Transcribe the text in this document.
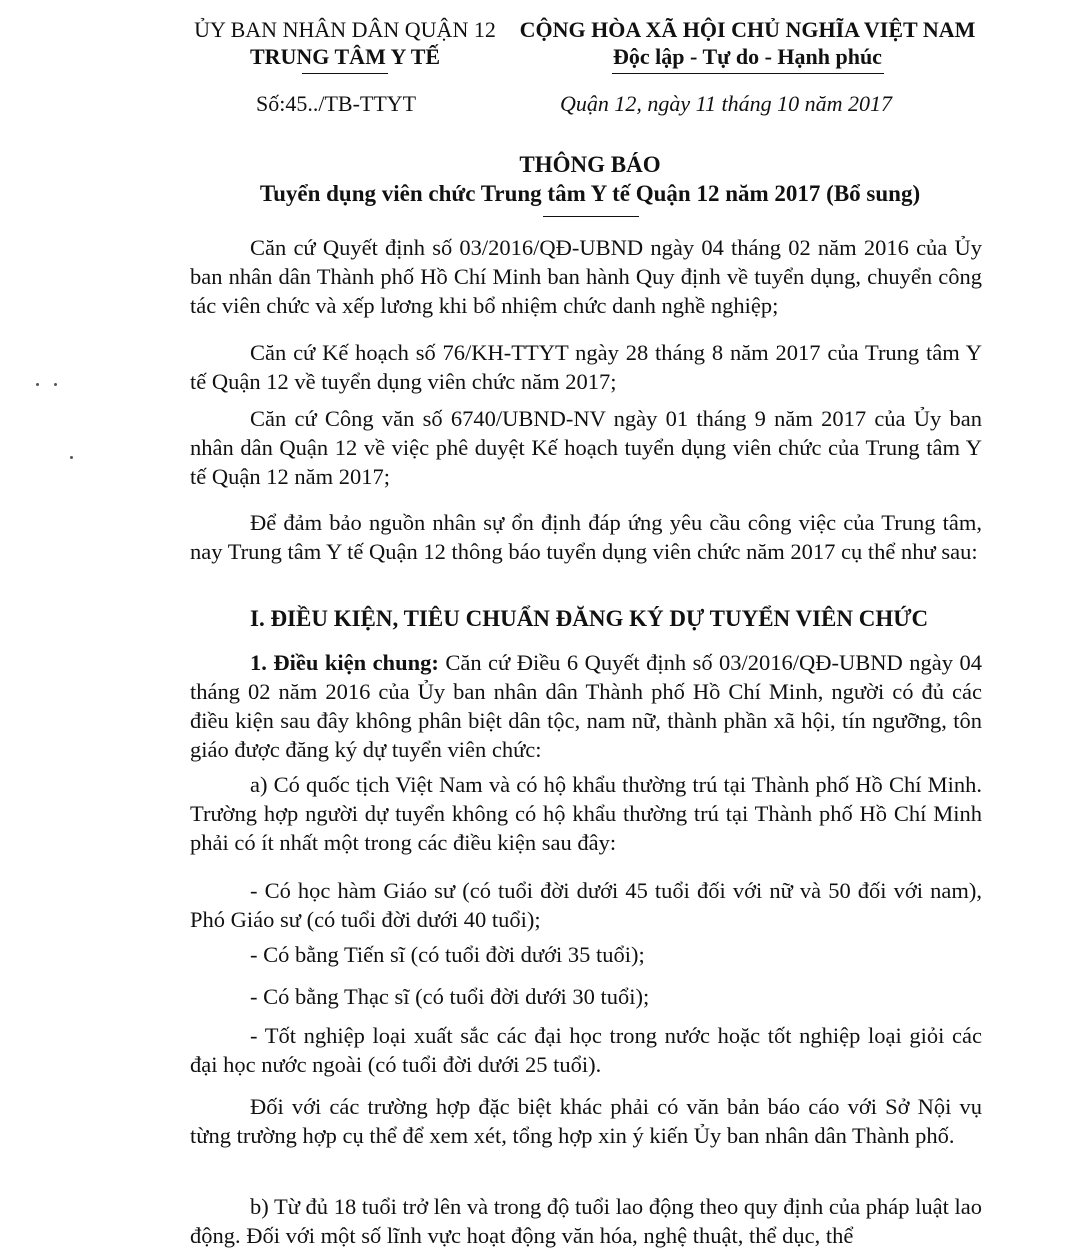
ỦY BAN NHÂN DÂN QUẬN 12
TRUNG TÂM Y TẾ
CỘNG HÒA XÃ HỘI CHỦ NGHĨA VIỆT NAM
Độc lập - Tự do - Hạnh phúc
Số:45../TB-TTYT	Quận 12, ngày 11 tháng 10 năm 2017
THÔNG BÁO
Tuyển dụng viên chức Trung tâm Y tế Quận 12 năm 2017 (Bổ sung)
Căn cứ Quyết định số 03/2016/QĐ-UBND ngày 04 tháng 02 năm 2016 của Ủy ban nhân dân Thành phố Hồ Chí Minh ban hành Quy định về tuyển dụng, chuyển công tác viên chức và xếp lương khi bổ nhiệm chức danh nghề nghiệp;
Căn cứ Kế hoạch số 76/KH-TTYT ngày 28 tháng 8 năm 2017 của Trung tâm Y tế Quận 12 về tuyển dụng viên chức năm 2017;
Căn cứ Công văn số 6740/UBND-NV ngày 01 tháng 9 năm 2017 của Ủy ban nhân dân Quận 12 về việc phê duyệt Kế hoạch tuyển dụng viên chức của Trung tâm Y tế Quận 12 năm 2017;
Để đảm bảo nguồn nhân sự ổn định đáp ứng yêu cầu công việc của Trung tâm, nay Trung tâm Y tế Quận 12 thông báo tuyển dụng viên chức năm 2017 cụ thể như sau:
I. ĐIỀU KIỆN, TIÊU CHUẨN ĐĂNG KÝ DỰ TUYỂN VIÊN CHỨC
1. Điều kiện chung: Căn cứ Điều 6 Quyết định số 03/2016/QĐ-UBND ngày 04 tháng 02 năm 2016 của Ủy ban nhân dân Thành phố Hồ Chí Minh, người có đủ các điều kiện sau đây không phân biệt dân tộc, nam nữ, thành phần xã hội, tín ngưỡng, tôn giáo được đăng ký dự tuyển viên chức:
a) Có quốc tịch Việt Nam và có hộ khẩu thường trú tại Thành phố Hồ Chí Minh. Trường hợp người dự tuyển không có hộ khẩu thường trú tại Thành phố Hồ Chí Minh phải có ít nhất một trong các điều kiện sau đây:
- Có học hàm Giáo sư (có tuổi đời dưới 45 tuổi đối với nữ và 50 đối với nam), Phó Giáo sư (có tuổi đời dưới 40 tuổi);
- Có bằng Tiến sĩ (có tuổi đời dưới 35 tuổi);
- Có bằng Thạc sĩ (có tuổi đời dưới 30 tuổi);
- Tốt nghiệp loại xuất sắc các đại học trong nước hoặc tốt nghiệp loại giỏi các đại học nước ngoài (có tuổi đời dưới 25 tuổi).
Đối với các trường hợp đặc biệt khác phải có văn bản báo cáo với Sở Nội vụ từng trường hợp cụ thể để xem xét, tổng hợp xin ý kiến Ủy ban nhân dân Thành phố.
b) Từ đủ 18 tuổi trở lên và trong độ tuổi lao động theo quy định của pháp luật lao động. Đối với một số lĩnh vực hoạt động văn hóa, nghệ thuật, thể dục, thể
